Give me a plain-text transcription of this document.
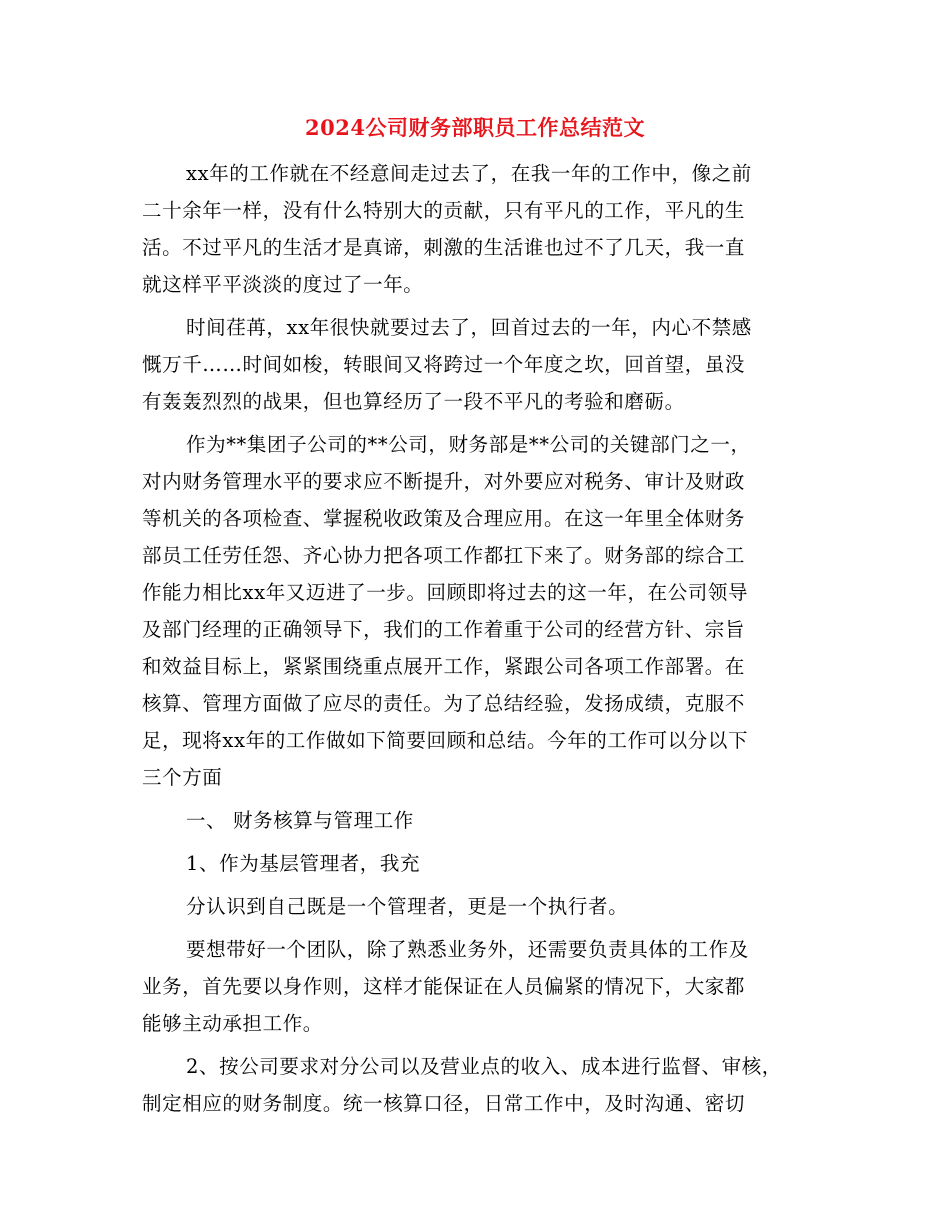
2024公司财务部职员工作总结范文
xx年的工作就在不经意间走过去了，在我一年的工作中，像之前
二十余年一样，没有什么特别大的贡献，只有平凡的工作，平凡的生
活。不过平凡的生活才是真谛，刺激的生活谁也过不了几天，我一直
就这样平平淡淡的度过了一年。
时间荏苒，xx年很快就要过去了，回首过去的一年，内心不禁感
慨万千……时间如梭，转眼间又将跨过一个年度之坎，回首望，虽没
有轰轰烈烈的战果，但也算经历了一段不平凡的考验和磨砺。
作为**集团子公司的**公司，财务部是**公司的关键部门之一，
对内财务管理水平的要求应不断提升，对外要应对税务、审计及财政
等机关的各项检查、掌握税收政策及合理应用。在这一年里全体财务
部员工任劳任怨、齐心协力把各项工作都扛下来了。财务部的综合工
作能力相比xx年又迈进了一步。回顾即将过去的这一年，在公司领导
及部门经理的正确领导下，我们的工作着重于公司的经营方针、宗旨
和效益目标上，紧紧围绕重点展开工作，紧跟公司各项工作部署。在
核算、管理方面做了应尽的责任。为了总结经验，发扬成绩，克服不
足，现将xx年的工作做如下简要回顾和总结。今年的工作可以分以下
三个方面
一、 财务核算与管理工作
1、作为基层管理者，我充
分认识到自己既是一个管理者，更是一个执行者。
要想带好一个团队，除了熟悉业务外，还需要负责具体的工作及
业务，首先要以身作则，这样才能保证在人员偏紧的情况下，大家都
能够主动承担工作。
2、按公司要求对分公司以及营业点的收入、成本进行监督、审核，
制定相应的财务制度。统一核算口径，日常工作中，及时沟通、密切
